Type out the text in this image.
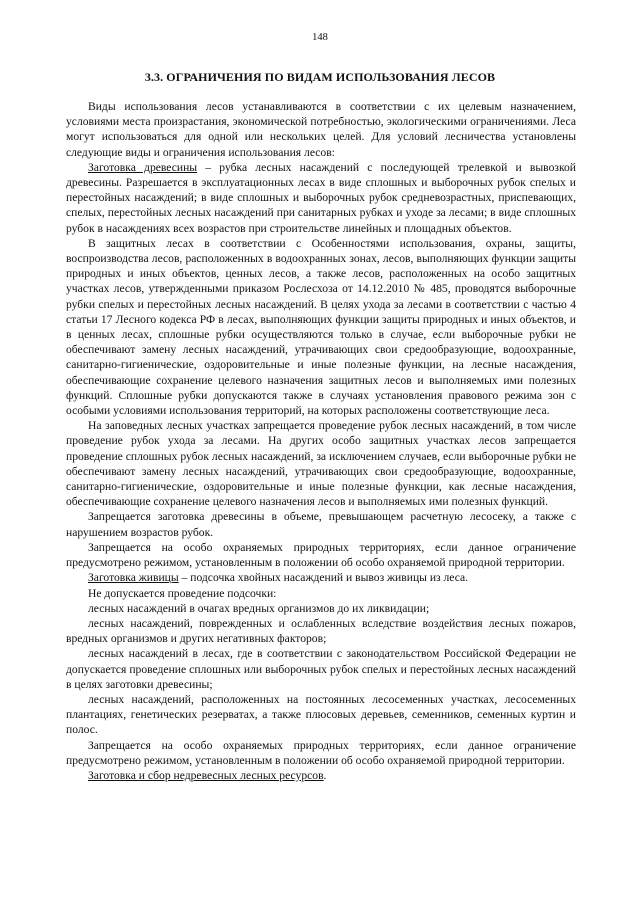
148
3.3. ОГРАНИЧЕНИЯ ПО ВИДАМ ИСПОЛЬЗОВАНИЯ ЛЕСОВ

Виды использования лесов устанавливаются в соответствии с их целевым назначением, условиями места произрастания, экономической потребностью, экологическими ограничениями. Леса могут использоваться для одной или нескольких целей. Для условий лесничества установлены следующие виды и ограничения использования лесов:

Заготовка древесины – рубка лесных насаждений с последующей трелевкой и вывозкой древесины. Разрешается в эксплуатационных лесах в виде сплошных и выборочных рубок спелых и перестойных насаждений; в виде сплошных и выборочных рубок средневозрастных, приспевающих, спелых, перестойных лесных насаждений при санитарных рубках и уходе за лесами; в виде сплошных рубок в насаждениях всех возрастов при строительстве линейных и площадных объектов.

В защитных лесах в соответствии с Особенностями использования, охраны, защиты, воспроизводства лесов, расположенных в водоохранных зонах, лесов, выполняющих функции защиты природных и иных объектов, ценных лесов, а также лесов, расположенных на особо защитных участках лесов, утвержденными приказом Рослесхоза от 14.12.2010 № 485, проводятся выборочные рубки спелых и перестойных лесных насаждений. В целях ухода за лесами в соответствии с частью 4 статьи 17 Лесного кодекса РФ в лесах, выполняющих функции защиты природных и иных объектов, и в ценных лесах, сплошные рубки осуществляются только в случае, если выборочные рубки не обеспечивают замену лесных насаждений, утрачивающих свои средообразующие, водоохранные, санитарно-гигиенические, оздоровительные и иные полезные функции, на лесные насаждения, обеспечивающие сохранение целевого назначения защитных лесов и выполняемых ими полезных функций. Сплошные рубки допускаются также в случаях установления правового режима зон с особыми условиями использования территорий, на которых расположены соответствующие леса.

На заповедных лесных участках запрещается проведение рубок лесных насаждений, в том числе проведение рубок ухода за лесами. На других особо защитных участках лесов запрещается проведение сплошных рубок лесных насаждений, за исключением случаев, если выборочные рубки не обеспечивают замену лесных насаждений, утрачивающих свои средообразующие, водоохранные, санитарно-гигиенические, оздоровительные и иные полезные функции, как лесные насаждения, обеспечивающие сохранение целевого назначения лесов и выполняемых ими полезных функций.

Запрещается заготовка древесины в объеме, превышающем расчетную лесосеку, а также с нарушением возрастов рубок.

Запрещается на особо охраняемых природных территориях, если данное ограничение предусмотрено режимом, установленным в положении об особо охраняемой природной территории.

Заготовка живицы – подсочка хвойных насаждений и вывоз живицы из леса.

Не допускается проведение подсочки:

лесных насаждений в очагах вредных организмов до их ликвидации;

лесных насаждений, поврежденных и ослабленных вследствие воздействия лесных пожаров, вредных организмов и других негативных факторов;

лесных насаждений в лесах, где в соответствии с законодательством Российской Федерации не допускается проведение сплошных или выборочных рубок спелых и перестойных лесных насаждений в целях заготовки древесины;

лесных насаждений, расположенных на постоянных лесосеменных участках, лесосеменных плантациях, генетических резерватах, а также плюсовых деревьев, семенников, семенных куртин и полос.

Запрещается на особо охраняемых природных территориях, если данное ограничение предусмотрено режимом, установленным в положении об особо охраняемой природной территории.

Заготовка и сбор недревесных лесных ресурсов.
